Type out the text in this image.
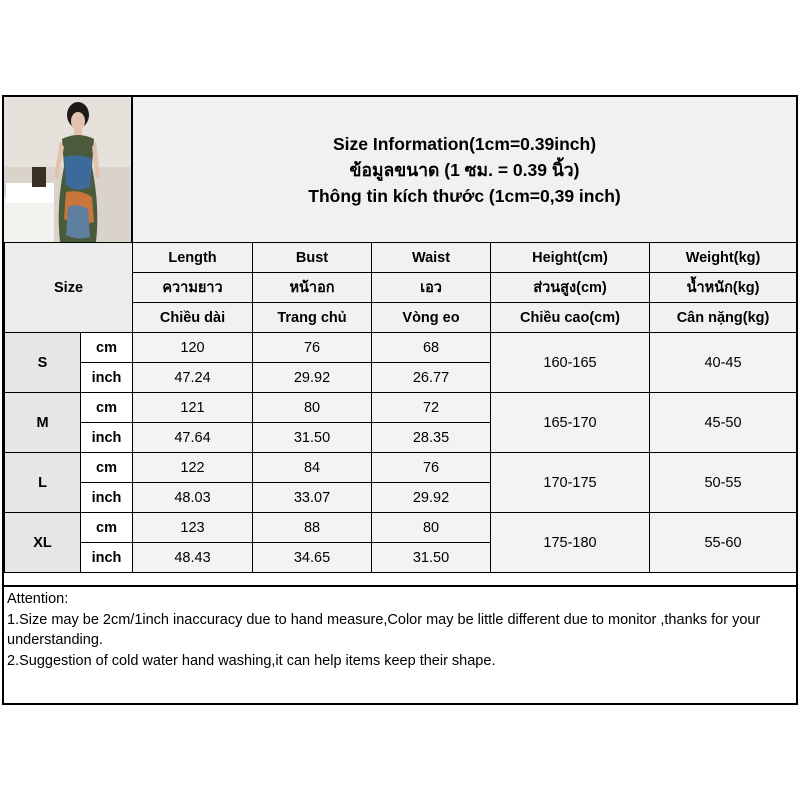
Size Information(1cm=0.39inch)
ข้อมูลขนาด (1 ซม. = 0.39 นิ้ว)
Thông tin kích thước (1cm=0,39 inch)
Size		Length	Bust	Waist	Height(cm)	Weight(kg)
		ความยาว	หน้าอก	เอว	ส่วนสูง(cm)	น้ำหนัก(kg)
		Chiều dài	Trang chủ	Vòng eo	Chiều cao(cm)	Cân nặng(kg)
S	cm	120	76	68	160-165	40-45
	inch	47.24	29.92	26.77		
M	cm	121	80	72	165-170	45-50
	inch	47.64	31.50	28.35		
L	cm	122	84	76	170-175	50-55
	inch	48.03	33.07	29.92		
XL	cm	123	88	80	175-180	55-60
	inch	48.43	34.65	31.50		

Attention:

1.Size may be 2cm/1inch inaccuracy due to hand measure,Color may be little different due to monitor ,thanks for your understanding.

2.Suggestion of cold water hand washing,it can help items keep their shape.
